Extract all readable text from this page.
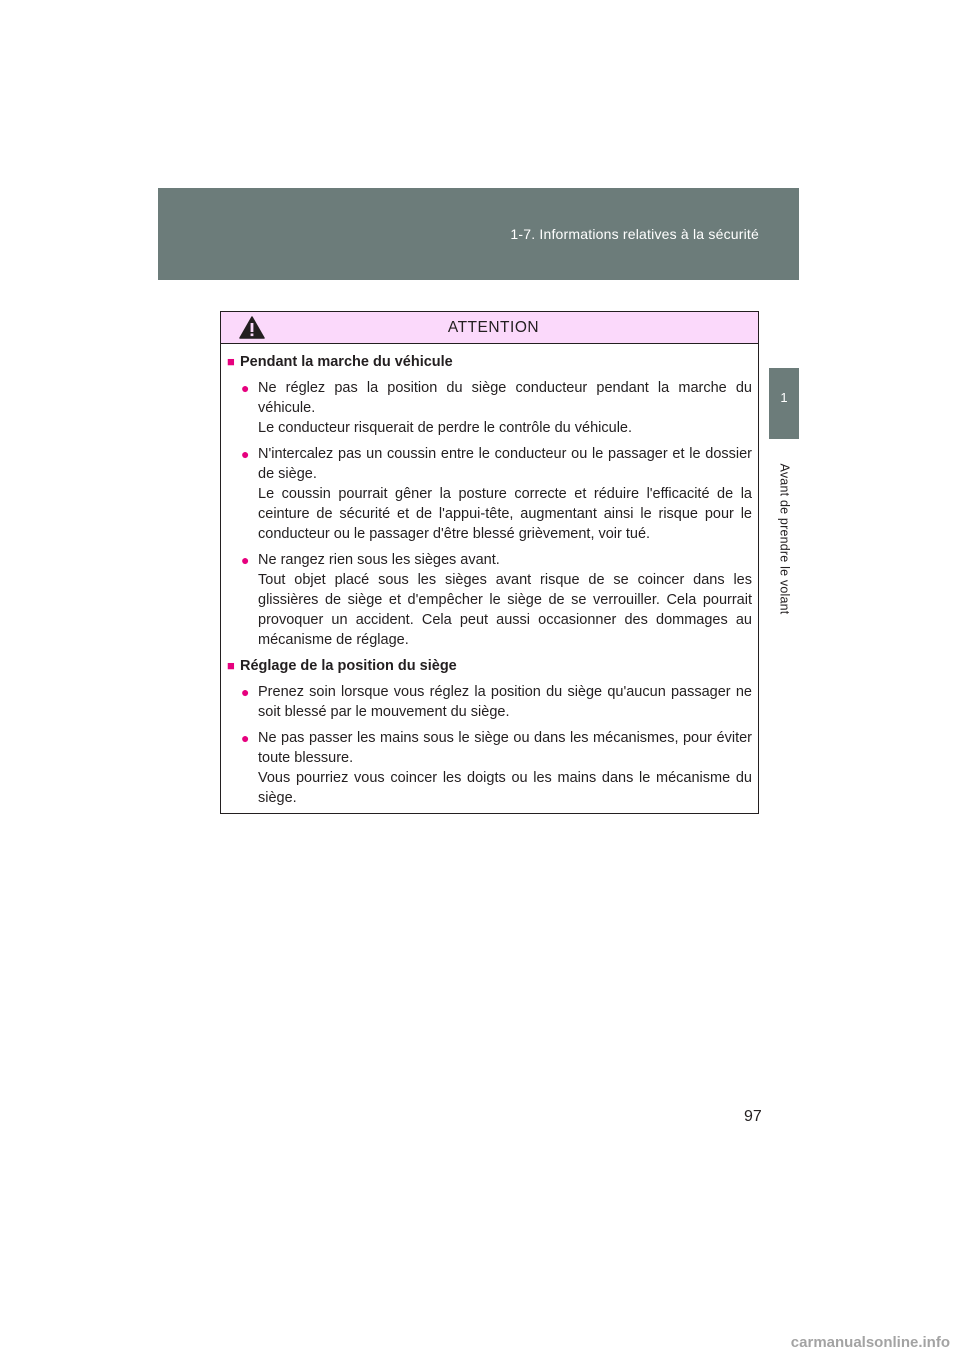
1-7. Informations relatives à la sécurité
1
Avant de prendre le volant
ATTENTION
■ Pendant la marche du véhicule
● Ne réglez pas la position du siège conducteur pendant la marche du véhicule.

Le conducteur risquerait de perdre le contrôle du véhicule.

● N'intercalez pas un coussin entre le conducteur ou le passager et le dossier de siège.

Le coussin pourrait gêner la posture correcte et réduire l'efficacité de la ceinture de sécurité et de l'appui-tête, augmentant ainsi le risque pour le conducteur ou le passager d'être blessé grièvement, voir tué.

● Ne rangez rien sous les sièges avant.

Tout objet placé sous les sièges avant risque de se coincer dans les glissières de siège et d'empêcher le siège de se verrouiller. Cela pourrait provoquer un accident. Cela peut aussi occasionner des dommages au mécanisme de réglage.

■ Réglage de la position du siège
● Prenez soin lorsque vous réglez la position du siège qu'aucun passager ne soit blessé par le mouvement du siège.

● Ne pas passer les mains sous le siège ou dans les mécanismes, pour éviter toute blessure.

Vous pourriez vous coincer les doigts ou les mains dans le mécanisme du siège.

97
carmanualsonline.info
